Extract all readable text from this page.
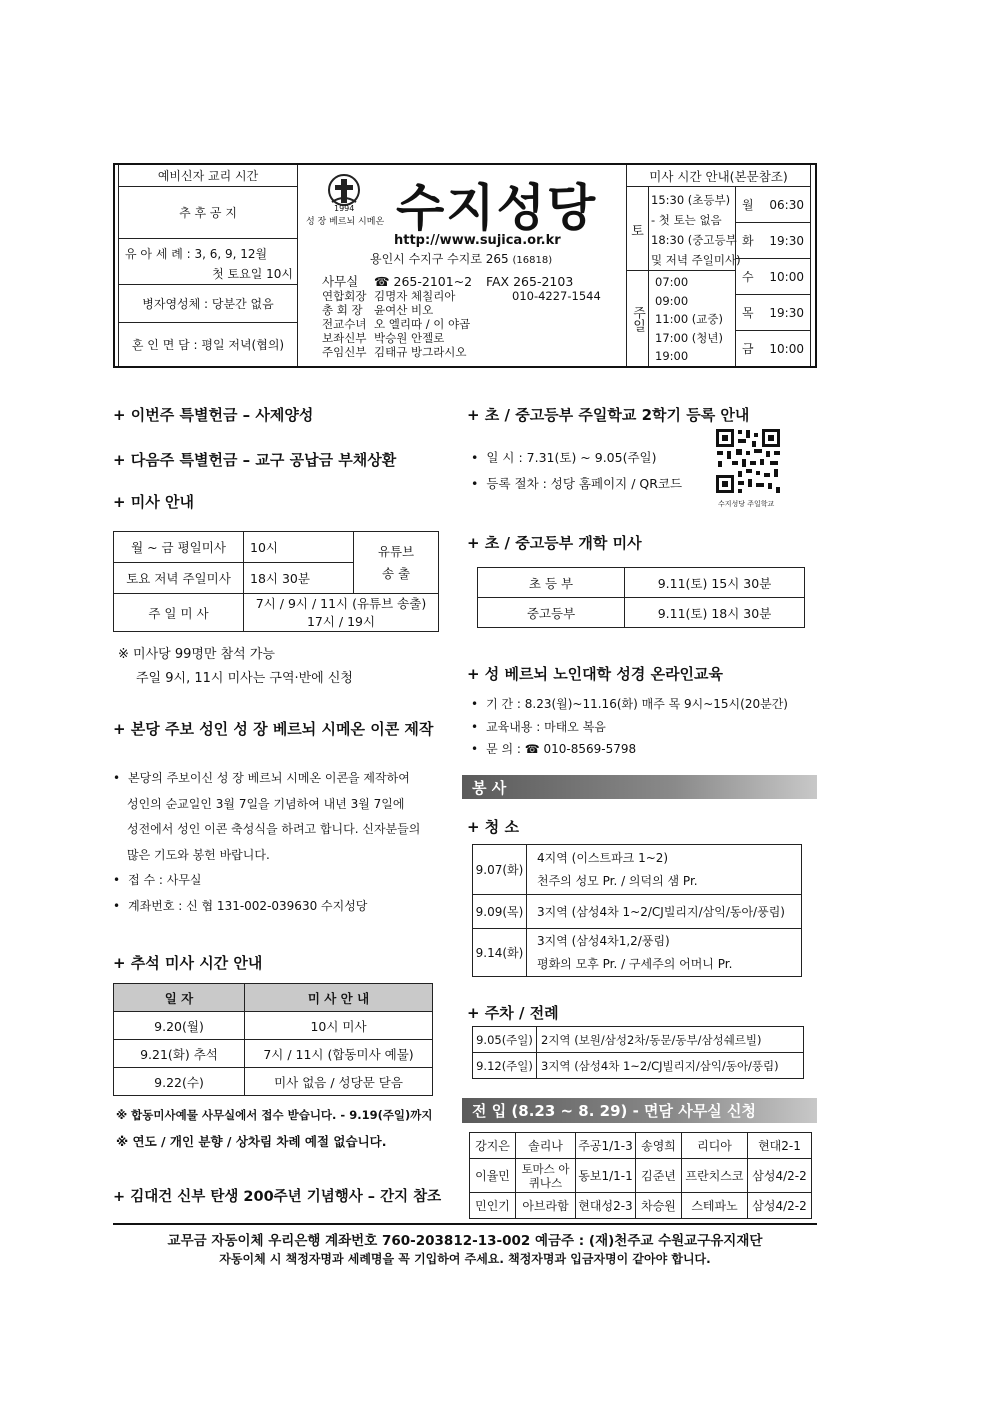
예비신자 교리 시간
추 후 공 지
유 아 세 례 : 3, 6, 9, 12월
첫 토요일 10시
병자영성체 : 당분간 없음
혼 인 면 담 : 평일 저녁(협의)
1994
성 장 베르뇌 시메온 수지성당
http://www.sujica.or.kr
용인시 수지구 수지로 265 (16818)
사무실 ☎ 265-2101~2 FAX 265-2103
연합회장 김명자 체칠리아	010-4227-1544
총 회 장 윤여산 비오
전교수녀 오 엘리따 / 이 야곱
보좌신부 박승원 안젤로
주임신부 김태규 방그라시오
미사 시간 안내(본문참조)
토
15:30 (초등부)
- 첫 토는 없음
18:30 (중고등부
및 저녁 주일미사)
주일
07:00
09:00
11:00 (교중)
17:00 (청년)
19:00
월 06:30
화 19:30
수 10:00
목 19:30
금 10:00
+ 이번주 특별헌금 – 사제양성
+ 다음주 특별헌금 – 교구 공납금 부채상환
+ 미사 안내
월 ~ 금 평일미사	10시	유튜브
송 출

토요 저녁 주일미사	18시 30분	
주 일 미 사	7시 / 9시 / 11시 (유튜브 송출)
17시 / 19시	
※ 미사당 99명만 참석 가능
주일 9시, 11시 미사는 구역·반에 신청
+ 본당 주보 성인 성 장 베르뇌 시메온 이콘 제작
• 본당의 주보이신 성 장 베르뇌 시메온 이콘을 제작하여
성인의 순교일인 3월 7일을 기념하여 내년 3월 7일에
성전에서 성인 이콘 축성식을 하려고 합니다. 신자분들의
많은 기도와 봉헌 바랍니다.
• 접 수 : 사무실
• 계좌번호 : 신 협 131-002-039630 수지성당
+ 추석 미사 시간 안내
일 자	미 사 안 내
9.20(월)	10시 미사
9.21(화) 추석	7시 / 11시 (합동미사 예물)
9.22(수)	미사 없음 / 성당문 닫음
※ 합동미사예물 사무실에서 접수 받습니다. - 9.19(주일)까지
※ 연도 / 개인 분향 / 상차림 차례 예절 없습니다.
+ 김대건 신부 탄생 200주년 기념행사 – 간지 참조
+ 초 / 중고등부 주일학교 2학기 등록 안내
• 일 시 : 7.31(토) ~ 9.05(주일)
• 등록 절차 : 성당 홈페이지 / QR코드
수지성당 주일학교
+ 초 / 중고등부 개학 미사
초 등 부	9.11(토) 15시 30분
중고등부	9.11(토) 18시 30분
+ 성 베르뇌 노인대학 성경 온라인교육
• 기 간 : 8.23(월)~11.16(화) 매주 목 9시~15시(20분간)
• 교육내용 : 마태오 복음
• 문 의 : ☎ 010-8569-5798
봉 사
+ 청 소
9.07(화)	4지역 (이스트파크 1~2)
천주의 성모 Pr. / 의덕의 샘 Pr.

9.09(목)	3지역 (삼성4차 1~2/CJ빌리지/삼익/동아/풍림)
9.14(화)	3지역 (삼성4차1,2/풍림)
평화의 모후 Pr. / 구세주의 어머니 Pr.
+ 주차 / 전례
9.05(주일)	2지역 (보원/삼성2차/동문/동부/삼성쉐르빌)
9.12(주일)	3지역 (삼성4차 1~2/CJ빌리지/삼익/동아/풍림)
전 입 (8.23 ~ 8. 29) - 면담 사무실 신청
강지은	솔리나	주공1/1-3	송영희	리디아	현대2-1
이율민	토마스 아퀴나스	동보1/1-1	김준년	프란치스코	삼성4/2-2
민인기	아브라함	현대성2-3	차승원	스테파노	삼성4/2-2
교무금 자동이체 우리은행 계좌번호 760-203812-13-002 예금주 : (재)천주교 수원교구유지재단
자동이체 시 책정자명과 세례명을 꼭 기입하여 주세요. 책정자명과 입금자명이 같아야 합니다.
